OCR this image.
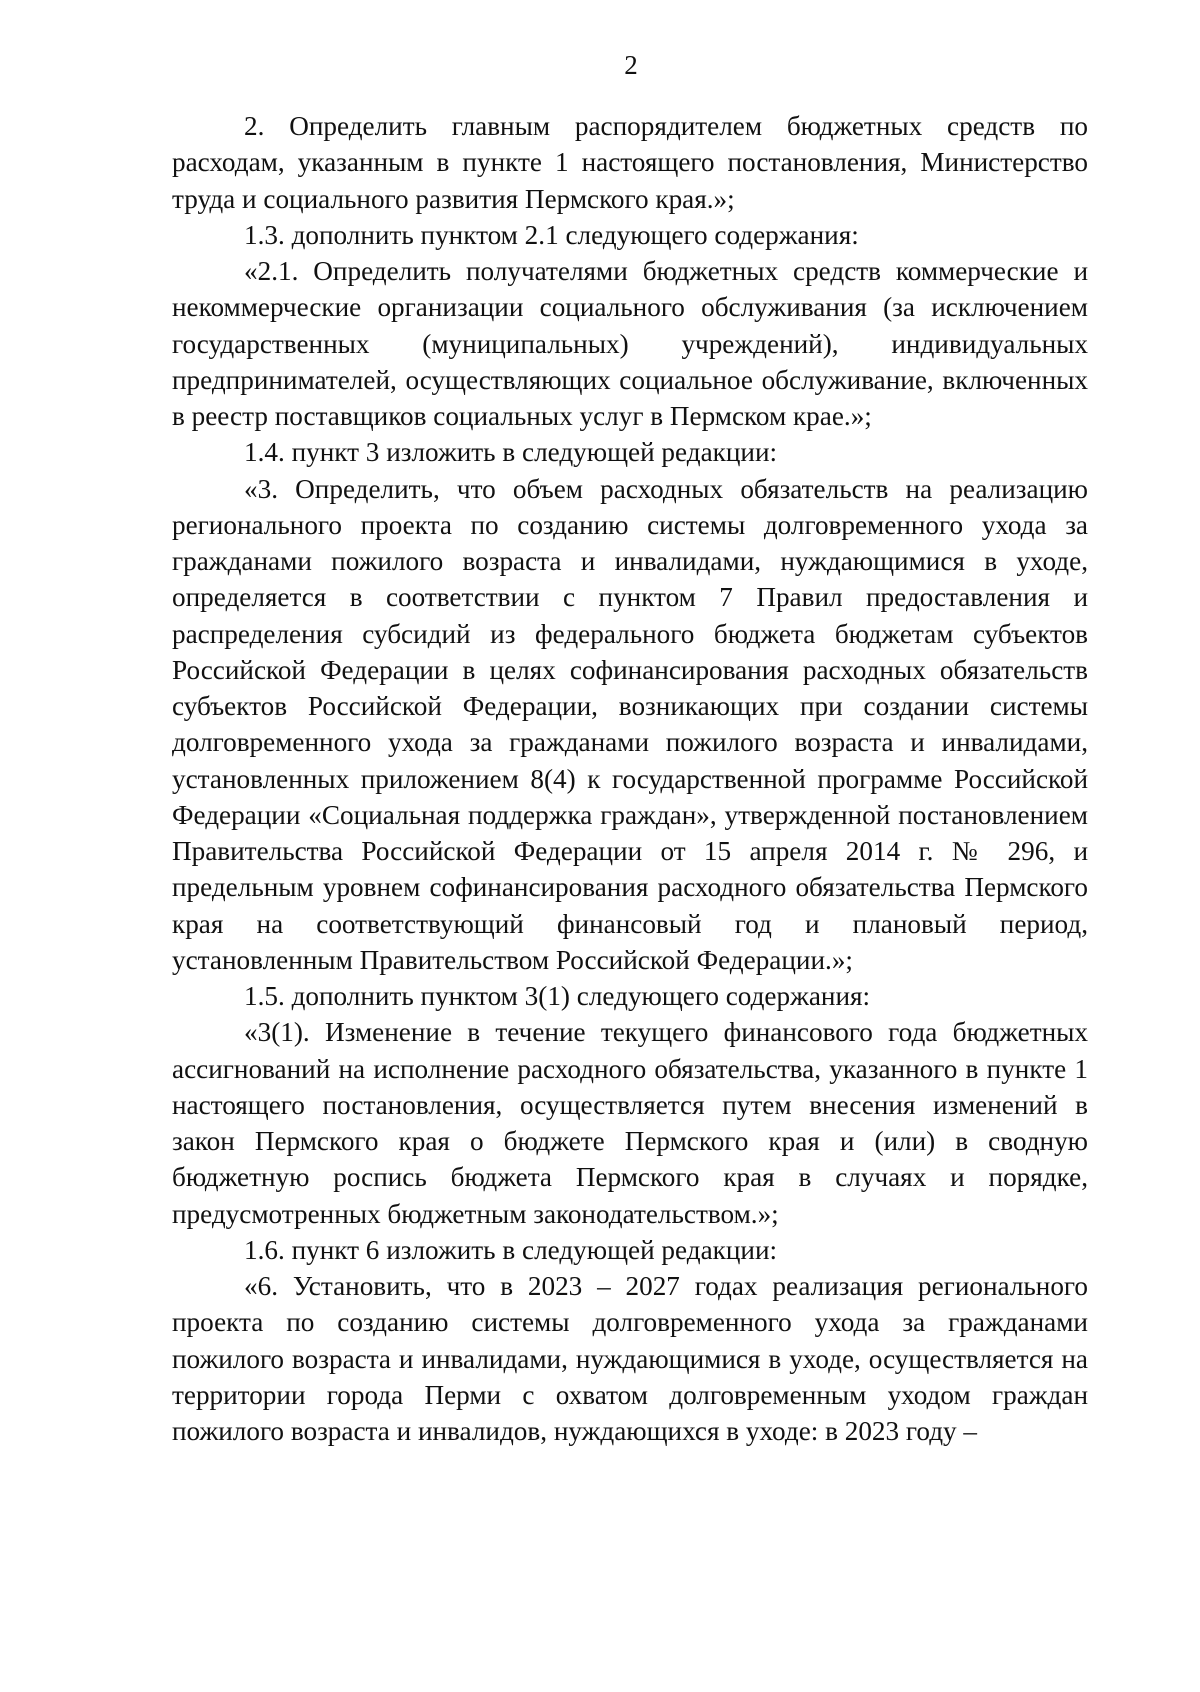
2

2. Определить главным распорядителем бюджетных средств по расходам, указанным в пункте 1 настоящего постановления, Министерство труда и социального развития Пермского края.»;

1.3. дополнить пунктом 2.1 следующего содержания:

«2.1. Определить получателями бюджетных средств коммерческие и некоммерческие организации социального обслуживания (за исключением государственных (муниципальных) учреждений), индивидуальных предпринимателей, осуществляющих социальное обслуживание, включенных в реестр поставщиков социальных услуг в Пермском крае.»;

1.4. пункт 3 изложить в следующей редакции:

«3. Определить, что объем расходных обязательств на реализацию регионального проекта по созданию системы долговременного ухода за гражданами пожилого возраста и инвалидами, нуждающимися в уходе, определяется в соответствии с пунктом 7 Правил предоставления и распределения субсидий из федерального бюджета бюджетам субъектов Российской Федерации в целях софинансирования расходных обязательств субъектов Российской Федерации, возникающих при создании системы долговременного ухода за гражданами пожилого возраста и инвалидами, установленных приложением 8(4) к государственной программе Российской Федерации «Социальная поддержка граждан», утвержденной постановлением Правительства Российской Федерации от 15 апреля 2014 г. № 296, и предельным уровнем софинансирования расходного обязательства Пермского края на соответствующий финансовый год и плановый период, установленным Правительством Российской Федерации.»;

1.5. дополнить пунктом 3(1) следующего содержания:

«3(1). Изменение в течение текущего финансового года бюджетных ассигнований на исполнение расходного обязательства, указанного в пункте 1 настоящего постановления, осуществляется путем внесения изменений в закон Пермского края о бюджете Пермского края и (или) в сводную бюджетную роспись бюджета Пермского края в случаях и порядке, предусмотренных бюджетным законодательством.»;

1.6. пункт 6 изложить в следующей редакции:

«6. Установить, что в 2023 – 2027 годах реализация регионального проекта по созданию системы долговременного ухода за гражданами пожилого возраста и инвалидами, нуждающимися в уходе, осуществляется на территории города Перми с охватом долговременным уходом граждан пожилого возраста и инвалидов, нуждающихся в уходе: в 2023 году –
